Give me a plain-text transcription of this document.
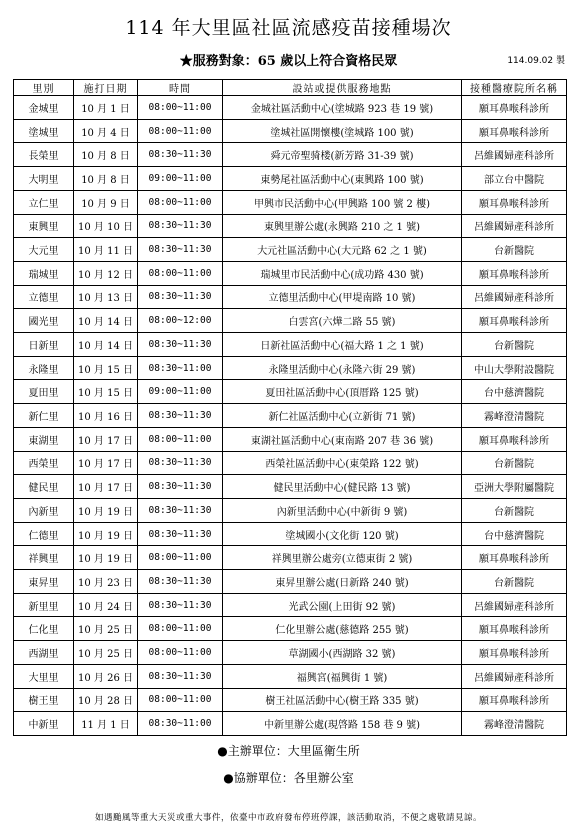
114 年大里區社區流感疫苗接種場次
★服務對象：65 歲以上符合資格民眾	114.09.02 製
里別	施打日期	時間	設站或提供服務地點	接種醫療院所名稱
金城里	10 月 1 日	08:00~11:00	金城社區活動中心(塗城路 923 巷 19 號)	願耳鼻喉科診所
塗城里	10 月 4 日	08:00~11:00	塗城社區開懷樓(塗城路 100 號)	願耳鼻喉科診所
長榮里	10 月 8 日	08:30~11:30	舜元帝聖骑楼(新芳路 31-39 號)	呂維國婦產科診所
大明里	10 月 8 日	09:00~11:00	東勢尾社區活動中心(東興路 100 號)	部立台中醫院
立仁里	10 月 9 日	08:00~11:00	甲興市民活動中心(甲興路 100 號 2 樓)	願耳鼻喉科診所
東興里	10 月 10 日	08:30~11:30	東興里辦公處(永興路 210 之 1 號)	呂維國婦產科診所
大元里	10 月 11 日	08:30~11:30	大元社區活動中心(大元路 62 之 1 號)	台新醫院
瑞城里	10 月 12 日	08:00~11:00	瑞城里市民活動中心(成功路 430 號)	願耳鼻喉科診所
立德里	10 月 13 日	08:30~11:30	立德里活動中心(甲堤南路 10 號)	呂維國婦產科診所
國光里	10 月 14 日	08:00~12:00	白雲宮(六燁二路 55 號)	願耳鼻喉科診所
日新里	10 月 14 日	08:30~11:30	日新社區活動中心(福大路 1 之 1 號)	台新醫院
永隆里	10 月 15 日	08:30~11:00	永隆里活動中心(永隆六街 29 號)	中山大學附設醫院
夏田里	10 月 15 日	09:00~11:00	夏田社區活動中心(頂厝路 125 號)	台中慈濟醫院
新仁里	10 月 16 日	08:30~11:30	新仁社區活動中心(立新街 71 號)	霧峰澄清醫院
東湖里	10 月 17 日	08:00~11:00	東湖社區活動中心(東南路 207 巷 36 號)	願耳鼻喉科診所
西榮里	10 月 17 日	08:30~11:30	西榮社區活動中心(東榮路 122 號)	台新醫院
健民里	10 月 17 日	08:30~11:30	健民里活動中心(健民路 13 號)	亞洲大學附屬醫院
內新里	10 月 19 日	08:30~11:30	內新里活動中心(中新街 9 號)	台新醫院
仁德里	10 月 19 日	08:30~11:30	塗城國小(文化街 120 號)	台中慈濟醫院
祥興里	10 月 19 日	08:00~11:00	祥興里辦公處旁(立德東街 2 號)	願耳鼻喉科診所
東昇里	10 月 23 日	08:30~11:30	東昇里辦公處(日新路 240 號)	台新醫院
新里里	10 月 24 日	08:30~11:30	光武公園(上田街 92 號)	呂維國婦產科診所
仁化里	10 月 25 日	08:00~11:00	仁化里辦公處(慈德路 255 號)	願耳鼻喉科診所
西湖里	10 月 25 日	08:00~11:00	草湖國小(西湖路 32 號)	願耳鼻喉科診所
大里里	10 月 26 日	08:30~11:30	福興宮(福興街 1 號)	呂維國婦產科診所
樹王里	10 月 28 日	08:00~11:00	樹王社區活動中心(樹王路 335 號)	願耳鼻喉科診所
中新里	11 月 1 日	08:30~11:00	中新里辦公處(現啓路 158 巷 9 號)	霧峰澄清醫院
●主辦單位：大里區衛生所
●協辦單位：各里辦公室
如遇颱風等重大天災或重大事件，依臺中市政府發布停班停課，該活動取消，不便之處敬請見諒。
